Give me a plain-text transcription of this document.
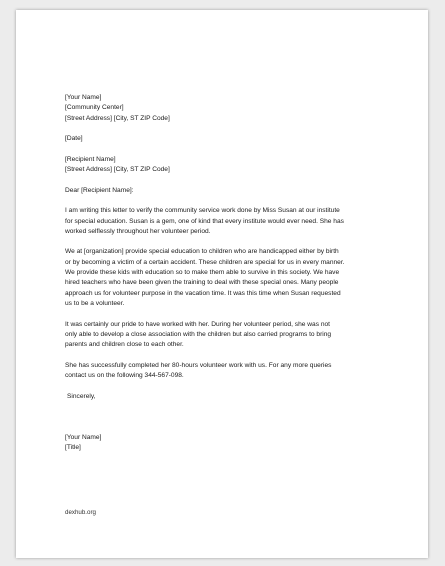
[Your Name]
[Community Center]
[Street Address] [City, ST ZIP Code]
[Date]
[Recipient Name]
[Street Address] [City, ST ZIP Code]
Dear [Recipient Name]:
I am writing this letter to verify the community service work done by Miss Susan at our institute
for special education. Susan is a gem, one of kind that every institute would ever need. She has
worked selflessly throughout her volunteer period.
We at [organization] provide special education to children who are handicapped either by birth
or by becoming a victim of a certain accident. These children are special for us in every manner.
We provide these kids with education so to make them able to survive in this society. We have
hired teachers who have been given the training to deal with these special ones. Many people
approach us for volunteer purpose in the vacation time. It was this time when Susan requested
us to be a volunteer.
It was certainly our pride to have worked with her. During her volunteer period, she was not
only able to develop a close association with the children but also carried programs to bring
parents and children close to each other.
She has successfully completed her 80-hours volunteer work with us. For any more queries
contact us on the following 344-567-098.
Sincerely,
[Your Name]
[Title]
dexhub.org
